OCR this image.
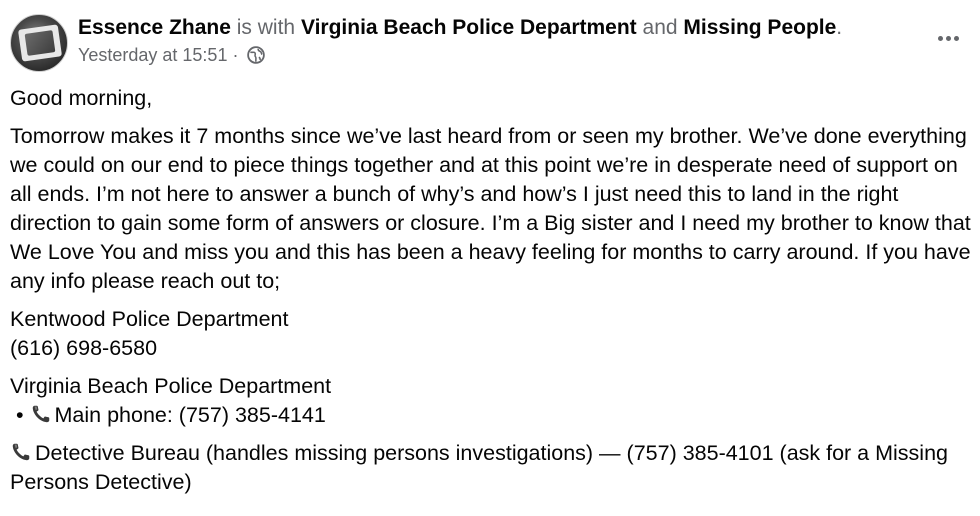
Essence Zhane is with Virginia Beach Police Department and Missing People.
Yesterday at 15:51 ·

Good morning,

Tomorrow makes it 7 months since we’ve last heard from or seen my brother. We’ve done everything we could on our end to piece things together and at this point we’re in desperate need of support on all ends. I’m not here to answer a bunch of why’s and how’s I just need this to land in the right direction to gain some form of answers or closure. I’m a Big sister and I need my brother to know that We Love You and miss you and this has been a heavy feeling for months to carry around. If you have any info please reach out to;

Kentwood Police Department
(616) 698-6580

Virginia Beach Police Department
• Main phone: (757) 385-4141

Detective Bureau (handles missing persons investigations) — (757) 385-4101 (ask for a Missing Persons Detective)
